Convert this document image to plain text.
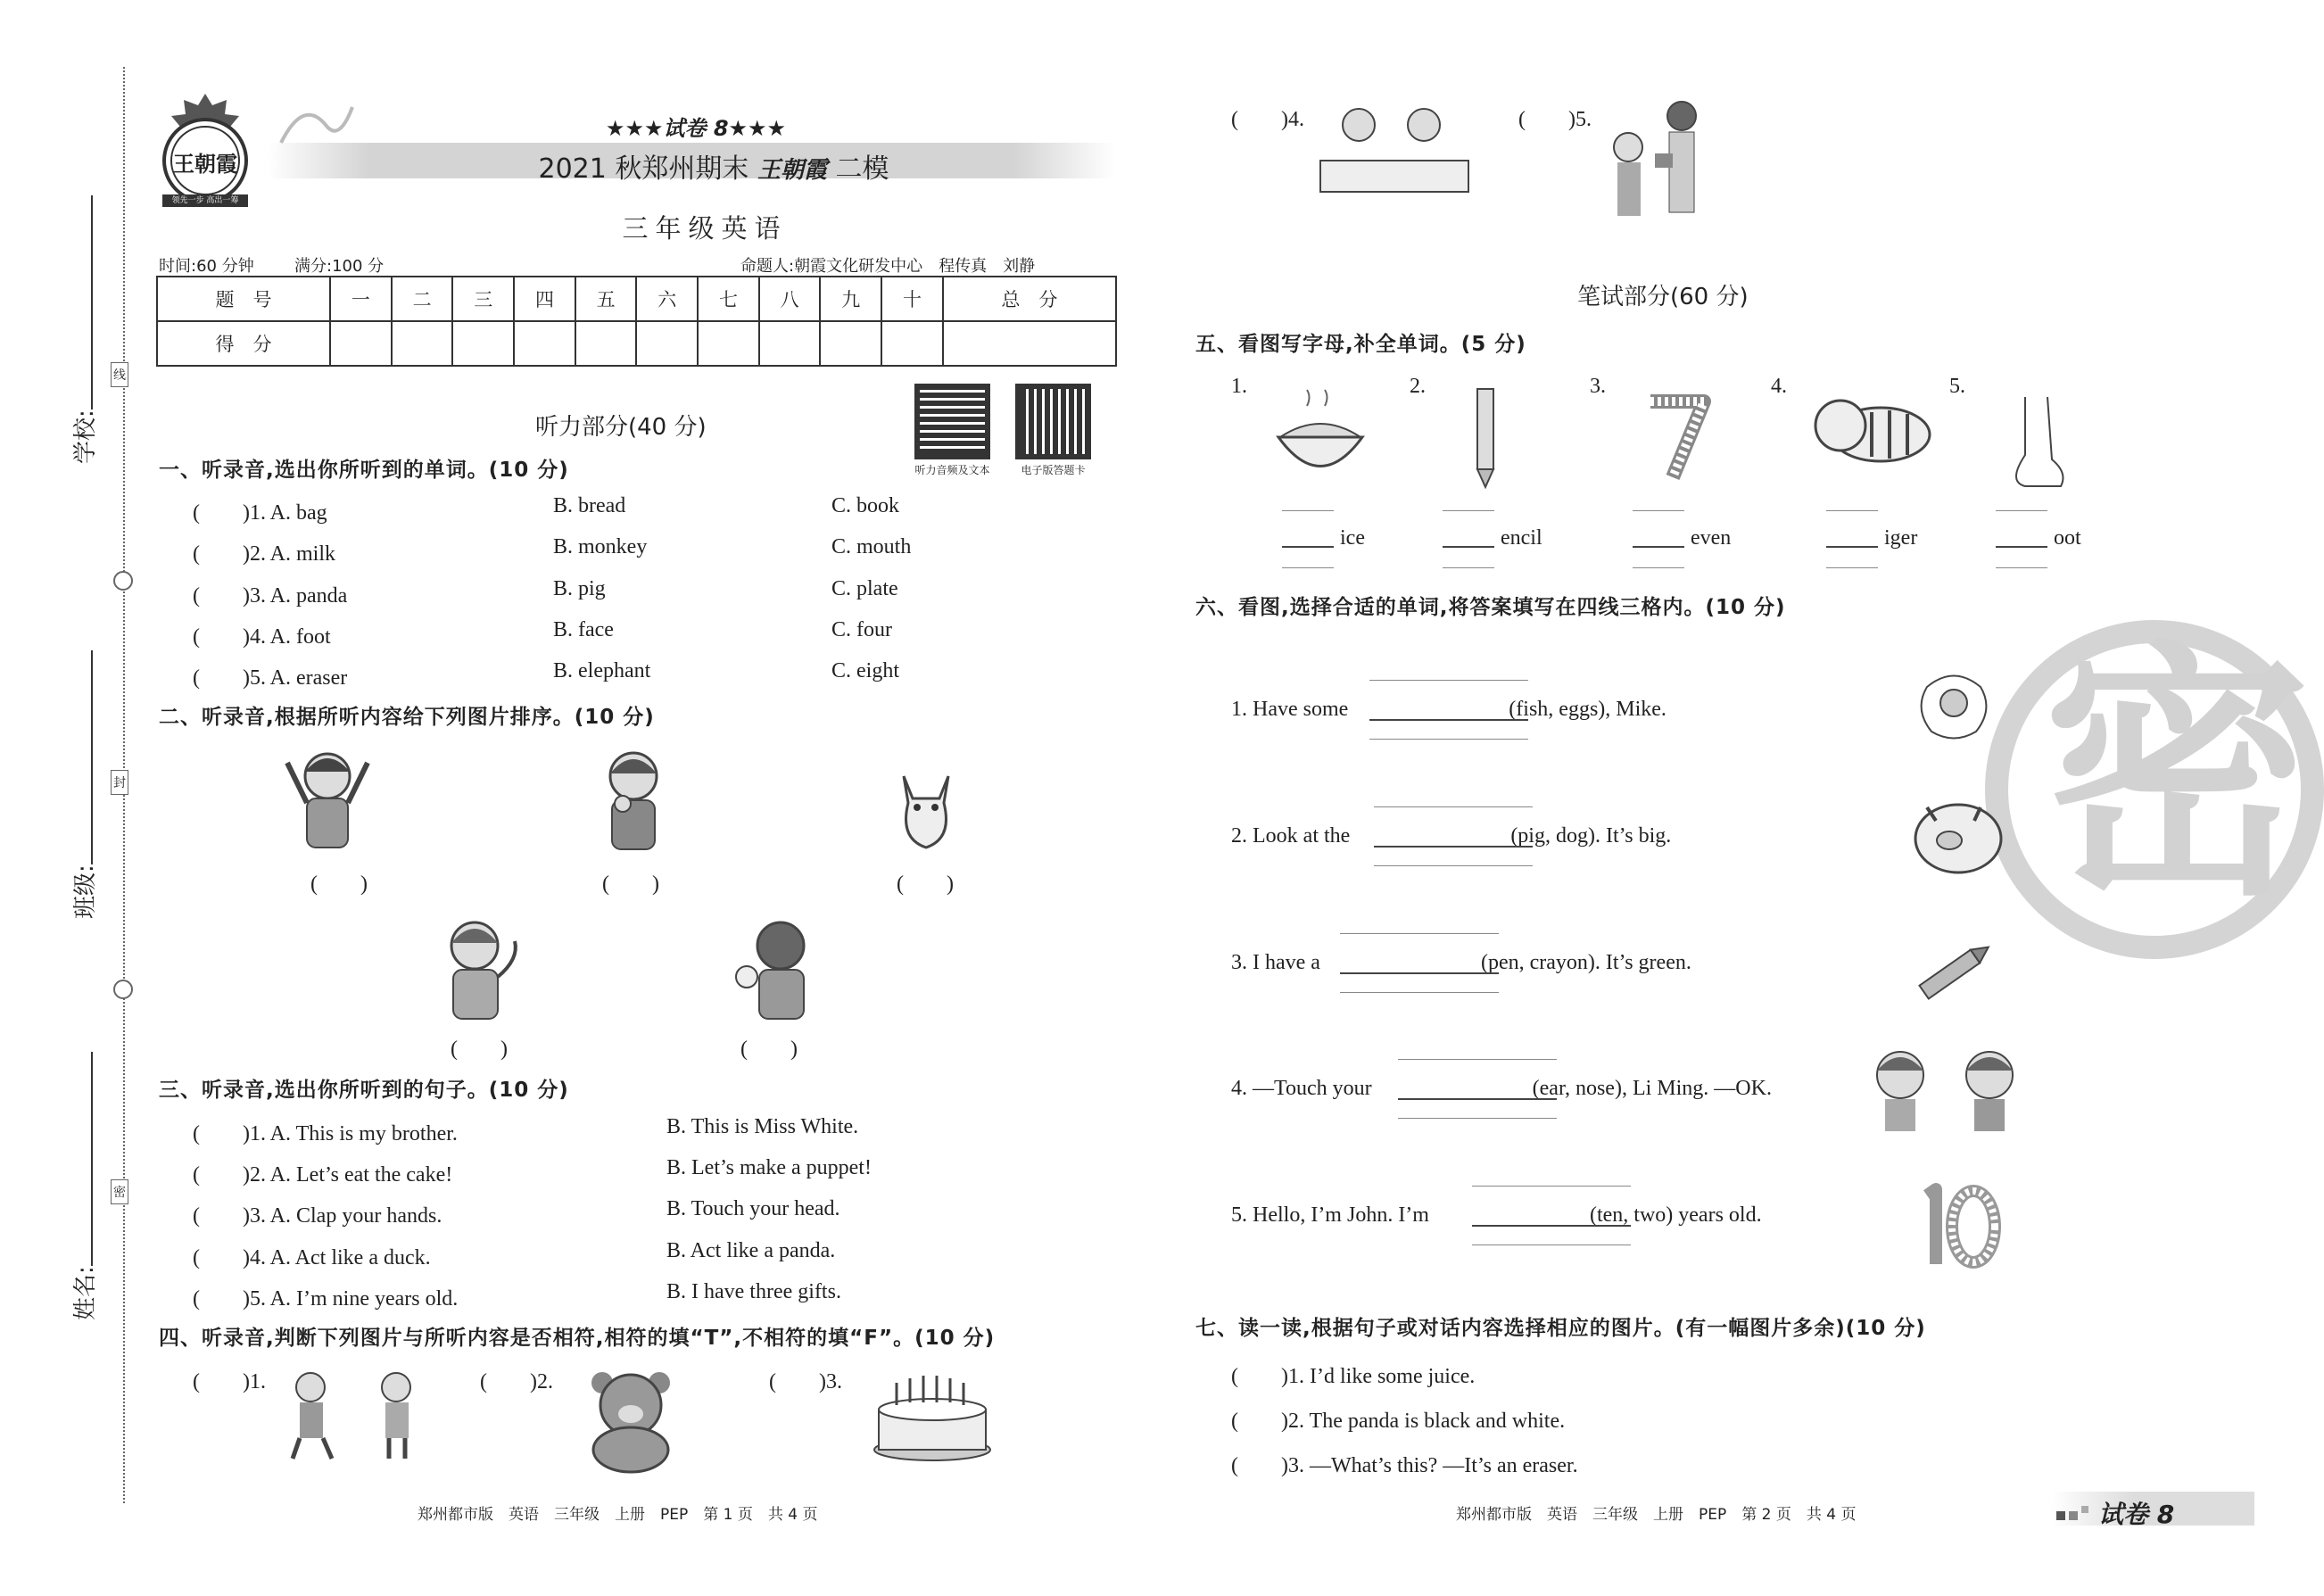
学校:
班级:
姓名:
线
封
密
王朝霞
领先一步 高出一筹
★★★试卷 8★★★
2021 秋郑州期末 王朝霞 二模
三年级英语
时间:60 分钟	满分:100 分	命题人:朝霞文化研发中心　程传真　刘静
题　号	一	二	三	四	五	六	七	八	九	十	总　分
得　分											
听力音频及文本	电子版答题卡
听力部分(40 分)
一、听录音,选出你所听到的单词。(10 分)
(　　)1. A. bag	B. bread	C. book
(　　)2. A. milk	B. monkey	C. mouth
(　　)3. A. panda	B. pig	C. plate
(　　)4. A. foot	B. face	C. four
(　　)5. A. eraser	B. elephant	C. eight
二、听录音,根据所听内容给下列图片排序。(10 分)
(　　)	(　　)	(　　)
(　　)	(　　)
三、听录音,选出你所听到的句子。(10 分)
(　　)1. A. This is my brother.	B. This is Miss White.
(　　)2. A. Let’s eat the cake!	B. Let’s make a puppet!
(　　)3. A. Clap your hands.	B. Touch your head.
(　　)4. A. Act like a duck.	B. Act like a panda.
(　　)5. A. I’m nine years old.	B. I have three gifts.
四、听录音,判断下列图片与所听内容是否相符,相符的填“T”,不相符的填“F”。(10 分)
(　　)1.	(　　)2.	(　　)3.
郑州都市版　英语　三年级　上册　PEP　第 1 页　共 4 页
(　　)4.	(　　)5.
笔试部分(60 分)
五、看图写字母,补全单词。(5 分)
1.	2.	3.	4.	5.
ice	encil	even	iger	oot
六、看图,选择合适的单词,将答案填写在四线三格内。(10 分)
密
1. Have some	(fish, eggs), Mike.
2. Look at the	(pig, dog). It’s big.
3. I have a	(pen, crayon). It’s green.
4. —Touch your	(ear, nose), Li Ming. —OK.
5. Hello, I’m John. I’m	(ten, two) years old.
七、读一读,根据句子或对话内容选择相应的图片。(有一幅图片多余)(10 分)
(　　)1. I’d like some juice.
(　　)2. The panda is black and white.
(　　)3. —What’s this? —It’s an eraser.
郑州都市版　英语　三年级　上册　PEP　第 2 页　共 4 页	试卷 8
